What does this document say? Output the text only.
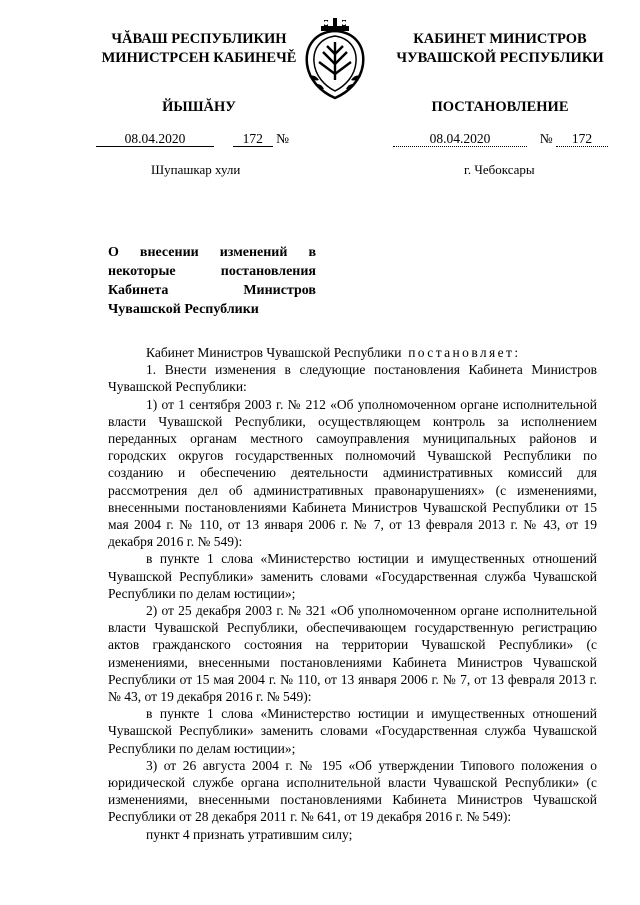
ЧĂВАШ РЕСПУБЛИКИН
МИНИСТРСЕН КАБИНЕЧĚ
КАБИНЕТ МИНИСТРОВ
ЧУВАШСКОЙ РЕСПУБЛИКИ
ЙЫШĂНУ	ПОСТАНОВЛЕНИЕ
08.04.2020	172 №	08.04.2020	№ 172
Шупашкар хули	г. Чебоксары
О внесении изменений в некоторые постановления Кабинета Министров Чувашской Республики

Кабинет Министров Чувашской Республики постановляет:

1. Внести изменения в следующие постановления Кабинета Министров Чувашской Республики:

1) от 1 сентября 2003 г. № 212 «Об уполномоченном органе исполнительной власти Чувашской Республики, осуществляющем контроль за исполнением переданных органам местного самоуправления муниципальных районов и городских округов государственных полномочий Чувашской Республики по созданию и обеспечению деятельности административных комиссий для рассмотрения дел об административных правонарушениях» (с изменениями, внесенными постановлениями Кабинета Министров Чувашской Республики от 15 мая 2004 г. № 110, от 13 января 2006 г. № 7, от 13 февраля 2013 г. № 43, от 19 декабря 2016 г. № 549):

в пункте 1 слова «Министерство юстиции и имущественных отношений Чувашской Республики» заменить словами «Государственная служба Чувашской Республики по делам юстиции»;

2) от 25 декабря 2003 г. № 321 «Об уполномоченном органе исполнительной власти Чувашской Республики, обеспечивающем государственную регистрацию актов гражданского состояния на территории Чувашской Республики» (с изменениями, внесенными постановлениями Кабинета Министров Чувашской Республики от 15 мая 2004 г. № 110, от 13 января 2006 г. № 7, от 13 февраля 2013 г. № 43, от 19 декабря 2016 г. № 549):

в пункте 1 слова «Министерство юстиции и имущественных отношений Чувашской Республики» заменить словами «Государственная служба Чувашской Республики по делам юстиции»;

3) от 26 августа 2004 г. № 195 «Об утверждении Типового положения о юридической службе органа исполнительной власти Чувашской Республики» (с изменениями, внесенными постановлениями Кабинета Министров Чувашской Республики от 28 декабря 2011 г. № 641, от 19 декабря 2016 г. № 549):

пункт 4 признать утратившим силу;
